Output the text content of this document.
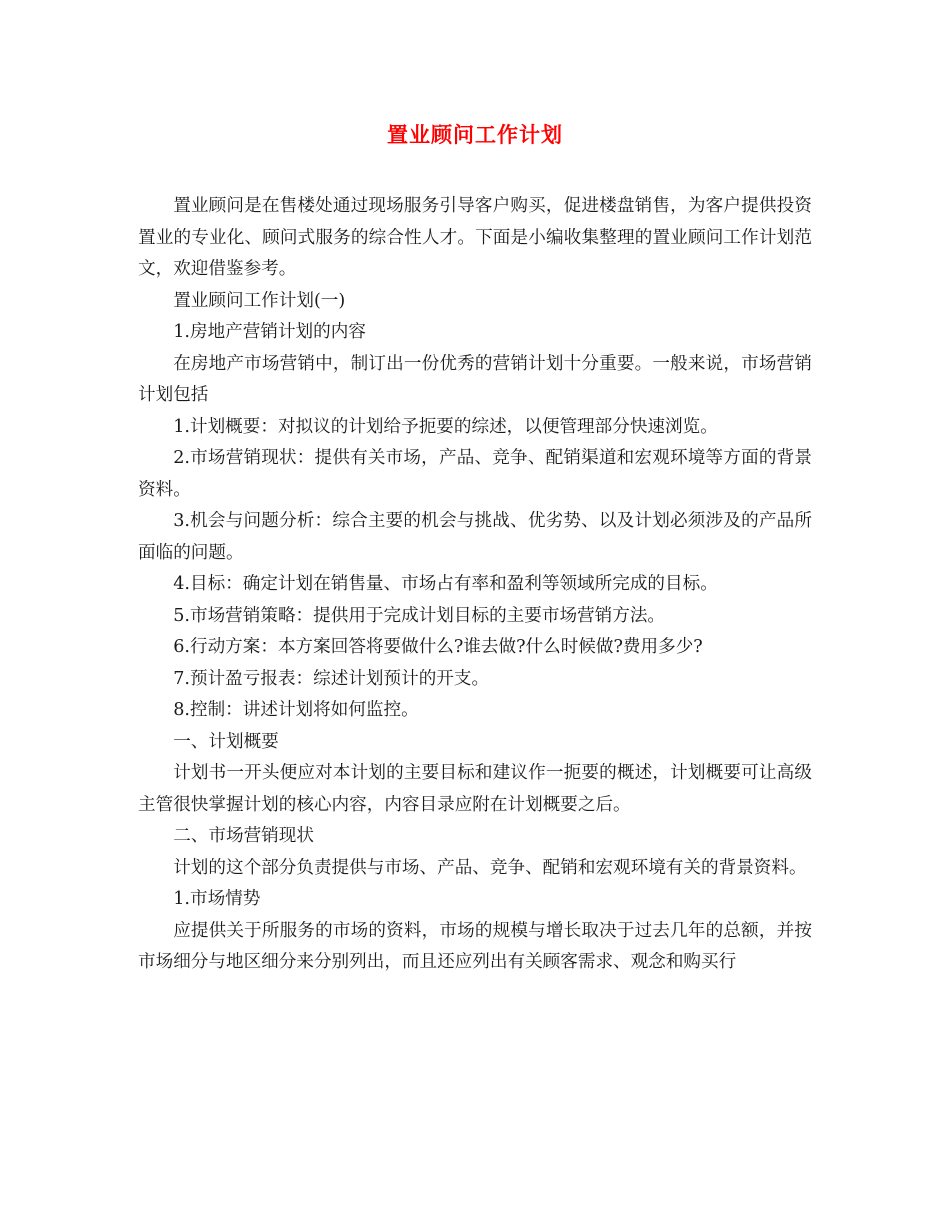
置业顾问工作计划

置业顾问是在售楼处通过现场服务引导客户购买，促进楼盘销售，为客户提供投资置业的专业化、顾问式服务的综合性人才。下面是小编收集整理的置业顾问工作计划范文，欢迎借鉴参考。

置业顾问工作计划(一)

1.房地产营销计划的内容

在房地产市场营销中，制订出一份优秀的营销计划十分重要。一般来说，市场营销计划包括

1.计划概要：对拟议的计划给予扼要的综述，以便管理部分快速浏览。

2.市场营销现状：提供有关市场，产品、竞争、配销渠道和宏观环境等方面的背景资料。

3.机会与问题分析：综合主要的机会与挑战、优劣势、以及计划必须涉及的产品所面临的问题。

4.目标：确定计划在销售量、市场占有率和盈利等领域所完成的目标。

5.市场营销策略：提供用于完成计划目标的主要市场营销方法。

6.行动方案：本方案回答将要做什么?谁去做?什么时候做?费用多少?

7.预计盈亏报表：综述计划预计的开支。

8.控制：讲述计划将如何监控。

一、计划概要

计划书一开头便应对本计划的主要目标和建议作一扼要的概述，计划概要可让高级主管很快掌握计划的核心内容，内容目录应附在计划概要之后。

二、市场营销现状

计划的这个部分负责提供与市场、产品、竞争、配销和宏观环境有关的背景资料。

1.市场情势

应提供关于所服务的市场的资料，市场的规模与增长取决于过去几年的总额，并按市场细分与地区细分来分别列出，而且还应列出有关顾客需求、观念和购买行
